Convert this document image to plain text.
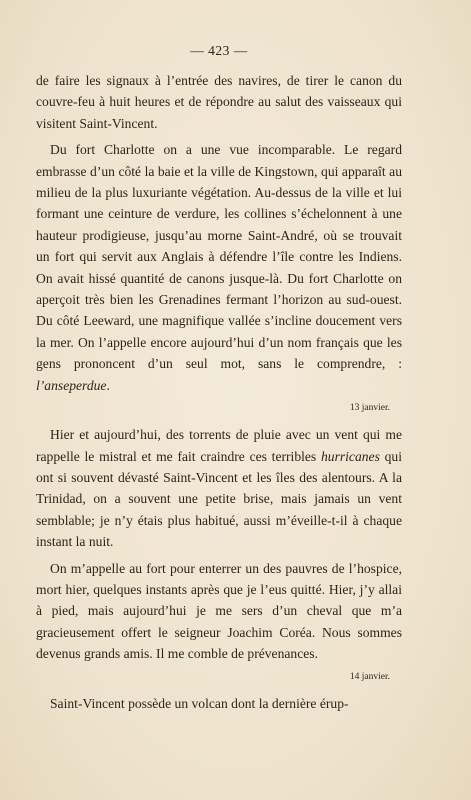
— 423 —

de faire les signaux à l’entrée des navires, de tirer le canon du couvre-feu à huit heures et de répondre au salut des vaisseaux qui visitent Saint-Vincent.

Du fort Charlotte on a une vue incomparable. Le regard embrasse d’un côté la baie et la ville de Kingstown, qui apparaît au milieu de la plus luxuriante végétation. Au-dessus de la ville et lui formant une ceinture de verdure, les collines s’échelonnent à une hauteur prodigieuse, jusqu’au morne Saint-André, où se trouvait un fort qui servit aux Anglais à défendre l’île contre les Indiens. On avait hissé quantité de canons jusque-là. Du fort Charlotte on aperçoit très bien les Grenadines fermant l’horizon au sud-ouest. Du côté Leeward, une magnifique vallée s’incline doucement vers la mer. On l’appelle encore aujourd’hui d’un nom français que les gens prononcent d’un seul mot, sans le comprendre, : l’anseperdue.

13 janvier.

Hier et aujourd’hui, des torrents de pluie avec un vent qui me rappelle le mistral et me fait craindre ces terribles hurricanes qui ont si souvent dévasté Saint-Vincent et les îles des alentours. A la Trinidad, on a souvent une petite brise, mais jamais un vent semblable; je n’y étais plus habitué, aussi m’éveille-t-il à chaque instant la nuit.

On m’appelle au fort pour enterrer un des pauvres de l’hospice, mort hier, quelques instants après que je l’eus quitté. Hier, j’y allai à pied, mais aujourd’hui je me sers d’un cheval que m’a gracieusement offert le seigneur Joachim Coréa. Nous sommes devenus grands amis. Il me comble de prévenances.

14 janvier.

Saint-Vincent possède un volcan dont la dernière érup-
